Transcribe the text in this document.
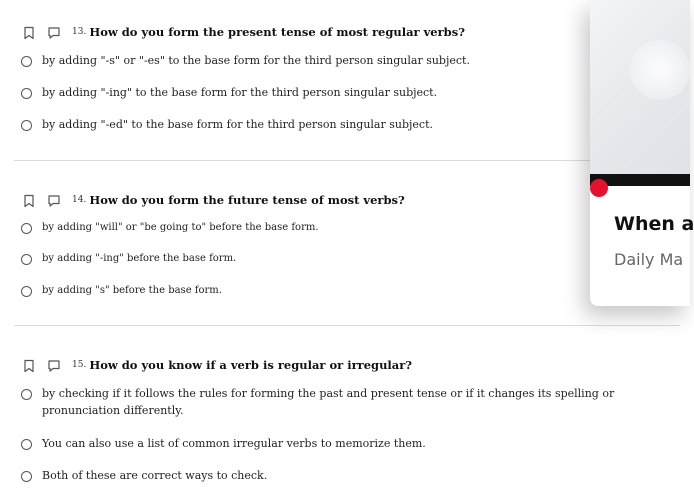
13. How do you form the present tense of most regular verbs?
by adding "-s" or "-es" to the base form for the third person singular subject.
by adding "-ing" to the base form for the third person singular subject.
by adding "-ed" to the base form for the third person singular subject.
14. How do you form the future tense of most verbs?
by adding "will" or "be going to" before the base form.
by adding "-ing" before the base form.
by adding "s" before the base form.
15. How do you know if a verb is regular or irregular?
by checking if it follows the rules for forming the past and present tense or if it changes its spelling or pronunciation differently.
You can also use a list of common irregular verbs to memorize them.
Both of these are correct ways to check.
When a
Daily Ma
